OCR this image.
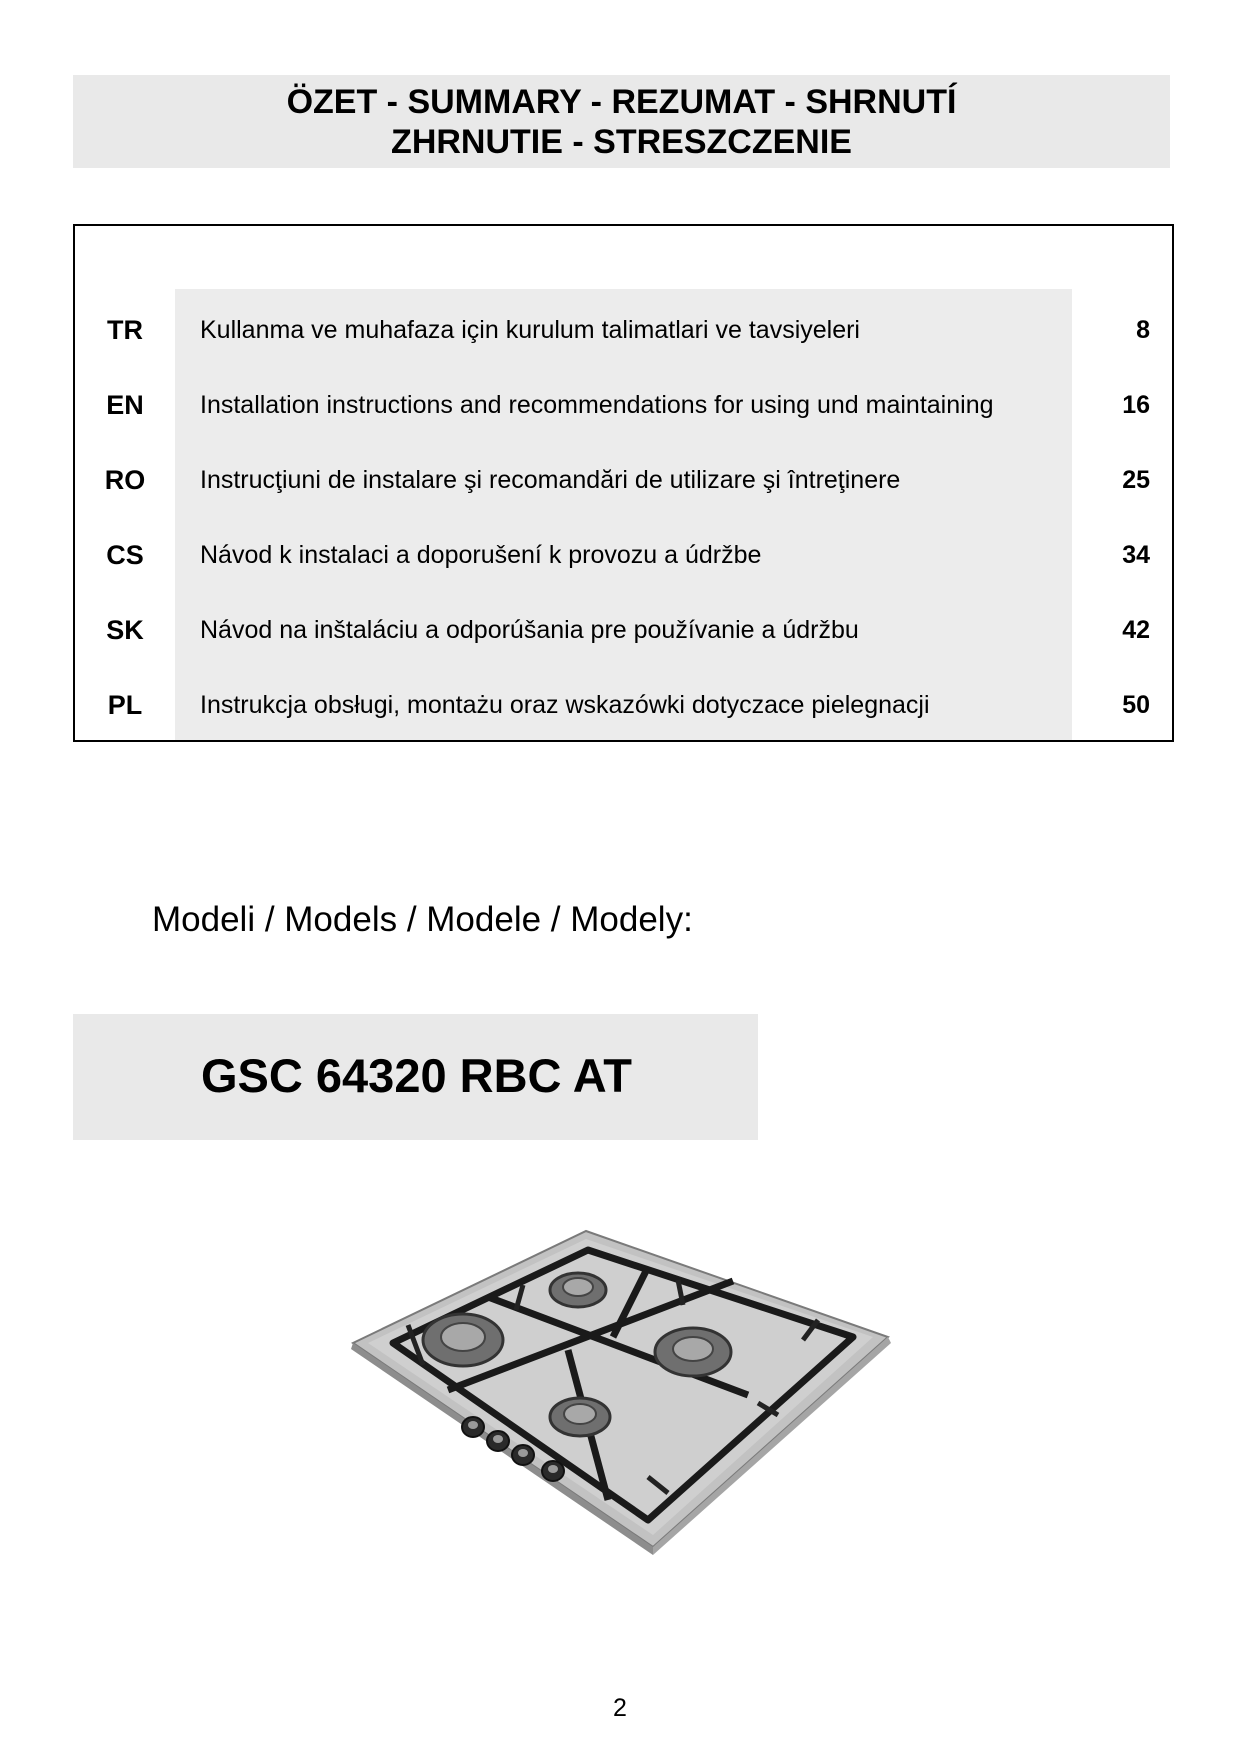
ÖZET - SUMMARY - REZUMAT - SHRNUTÍ
ZHRNUTIE - STRESZCZENIE
TR	Kullanma ve muhafaza için kurulum talimatlari ve tavsiyeleri	8
EN	Installation instructions and recommendations for using und maintaining	16
RO	Instrucţiuni de instalare şi recomandări de utilizare şi întreţinere	25
CS	Návod k instalaci a doporušení k provozu a údržbe	34
SK	Návod na inštaláciu a odporúšania pre používanie a údržbu	42
PL	Instrukcja obsługi, montażu oraz wskazówki dotyczace pielegnacji	50
Modeli / Models / Modele / Modely:
GSC 64320 RBC AT
2
